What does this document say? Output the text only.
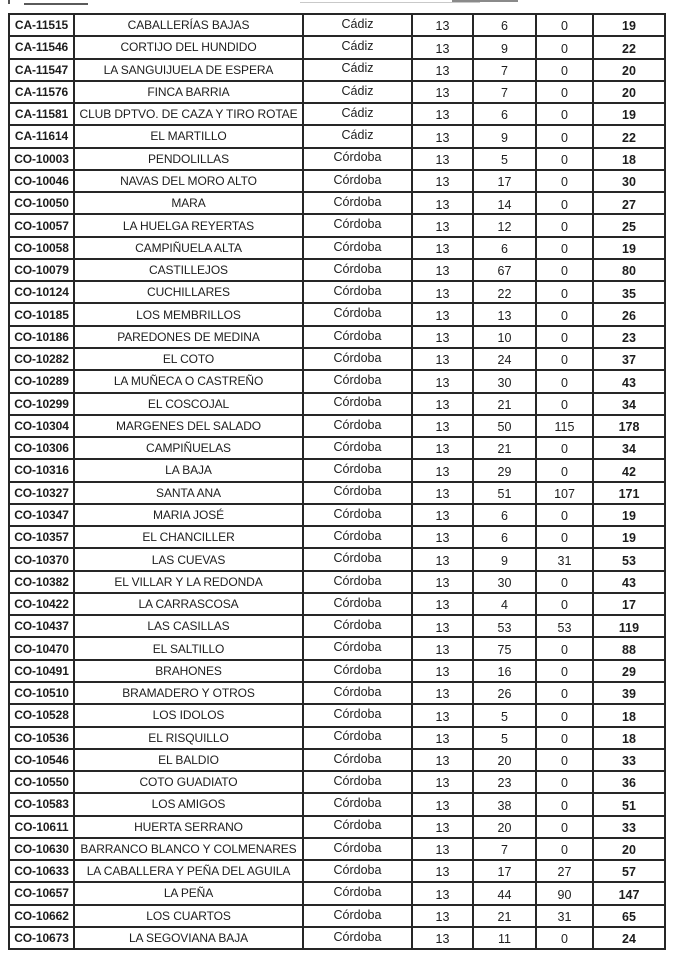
CA-11515	CABALLERÍAS BAJAS	Cádiz	13	6	0	19
CA-11546	CORTIJO DEL HUNDIDO	Cádiz	13	9	0	22
CA-11547	LA SANGUIJUELA DE ESPERA	Cádiz	13	7	0	20
CA-11576	FINCA BARRIA	Cádiz	13	7	0	20
CA-11581 CLUB DPTVO. DE CAZA Y TIRO ROTAE	Cádiz	13	6	0	19
CA-11614	EL MARTILLO	Cádiz	13	9	0	22
CO-10003	PENDOLILLAS	Córdoba	13	5	0	18
CO-10046	NAVAS DEL MORO ALTO	Córdoba	13	17	0	30
CO-10050	MARA	Córdoba	13	14	0	27
CO-10057	LA HUELGA REYERTAS	Córdoba	13	12	0	25
CO-10058	CAMPIÑUELA ALTA	Córdoba	13	6	0	19
CO-10079	CASTILLEJOS	Córdoba	13	67	0	80
CO-10124	CUCHILLARES	Córdoba	13	22	0	35
CO-10185	LOS MEMBRILLOS	Córdoba	13	13	0	26
CO-10186	PAREDONES DE MEDINA	Córdoba	13	10	0	23
CO-10282	EL COTO	Córdoba	13	24	0	37
CO-10289	LA MUÑECA O CASTREÑO	Córdoba	13	30	0	43
CO-10299	EL COSCOJAL	Córdoba	13	21	0	34
CO-10304	MARGENES DEL SALADO	Córdoba	13	50	115	178
CO-10306	CAMPIÑUELAS	Córdoba	13	21	0	34
CO-10316	LA BAJA	Córdoba	13	29	0	42
CO-10327	SANTA ANA	Córdoba	13	51	107	171
CO-10347	MARIA JOSÉ	Córdoba	13	6	0	19
CO-10357	EL CHANCILLER	Córdoba	13	6	0	19
CO-10370	LAS CUEVAS	Córdoba	13	9	31	53
CO-10382	EL VILLAR Y LA REDONDA	Córdoba	13	30	0	43
CO-10422	LA CARRASCOSA	Córdoba	13	4	0	17
CO-10437	LAS CASILLAS	Córdoba	13	53	53	119
CO-10470	EL SALTILLO	Córdoba	13	75	0	88
CO-10491	BRAHONES	Córdoba	13	16	0	29
CO-10510	BRAMADERO Y OTROS	Córdoba	13	26	0	39
CO-10528	LOS IDOLOS	Córdoba	13	5	0	18
CO-10536	EL RISQUILLO	Córdoba	13	5	0	18
CO-10546	EL BALDIO	Córdoba	13	20	0	33
CO-10550	COTO GUADIATO	Córdoba	13	23	0	36
CO-10583	LOS AMIGOS	Córdoba	13	38	0	51
CO-10611	HUERTA SERRANO	Córdoba	13	20	0	33
CO-10630 BARRANCO BLANCO Y COLMENARES	Córdoba	13	7	0	20
CO-10633	LA CABALLERA Y PEÑA DEL AGUILA	Córdoba	13	17	27	57
CO-10657	LA PEÑA	Córdoba	13	44	90	147
CO-10662	LOS CUARTOS	Córdoba	13	21	31	65
CO-10673	LA SEGOVIANA BAJA	Córdoba	13	11	0	24
